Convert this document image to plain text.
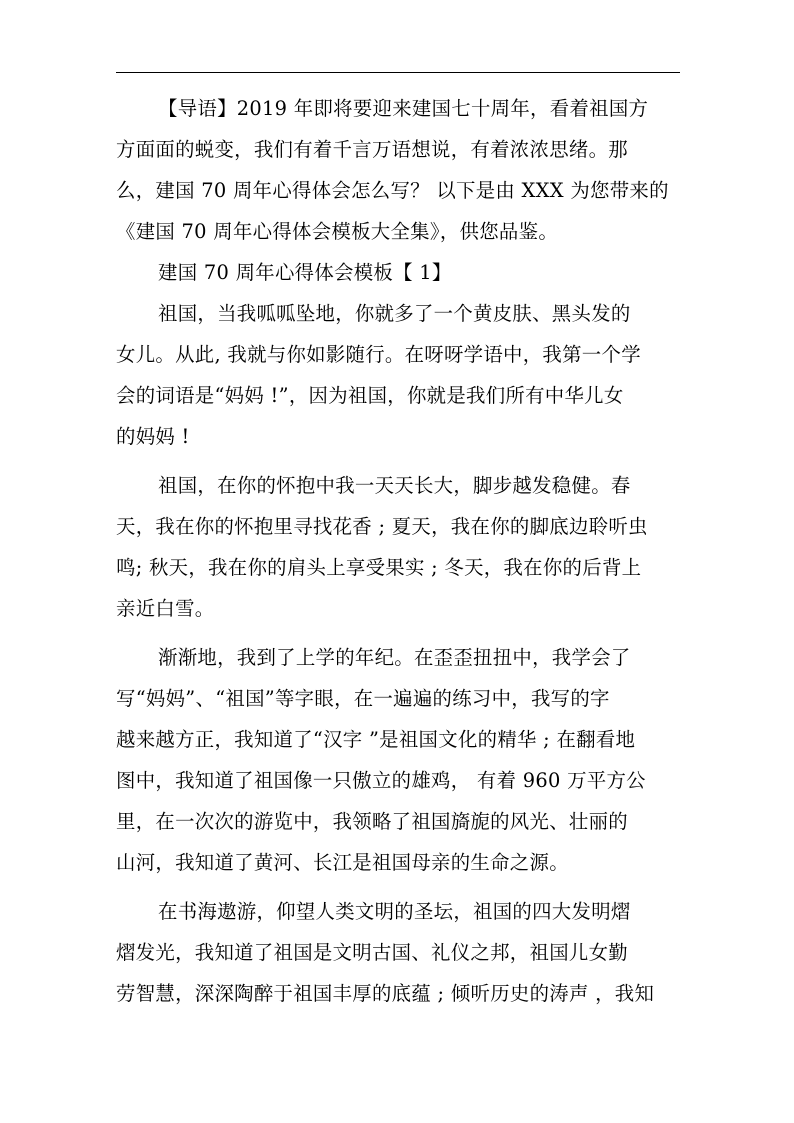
【导语】2019 年即将要迎来建国七十周年，看着祖国方
方面面的蜕变，我们有着千言万语想说，有着浓浓思绪。那
么，建国 70 周年心得体会怎么写？ 以下是由 XXX 为您带来的
《建国 70 周年心得体会模板大全集》，供您品鉴。
建国 70 周年心得体会模板【 1】
祖国，当我呱呱坠地，你就多了一个黄皮肤、黑头发的
女儿。从此, 我就与你如影随行。在呀呀学语中，我第一个学
会的词语是“妈妈 !”，因为祖国，你就是我们所有中华儿女
的妈妈 !
祖国，在你的怀抱中我一天天长大，脚步越发稳健。春
天，我在你的怀抱里寻找花香 ; 夏天，我在你的脚底边聆听虫
鸣; 秋天，我在你的肩头上享受果实 ; 冬天，我在你的后背上
亲近白雪。
渐渐地，我到了上学的年纪。在歪歪扭扭中，我学会了
写“妈妈”、“祖国”等字眼，在一遍遍的练习中，我写的字
越来越方正，我知道了“汉字 ”是祖国文化的精华 ; 在翻看地
图中，我知道了祖国像一只傲立的雄鸡， 有着 960 万平方公
里，在一次次的游览中，我领略了祖国旖旎的风光、壮丽的
山河，我知道了黄河、长江是祖国母亲的生命之源。
在书海遨游，仰望人类文明的圣坛，祖国的四大发明熠
熠发光，我知道了祖国是文明古国、礼仪之邦，祖国儿女勤
劳智慧，深深陶醉于祖国丰厚的底蕴 ; 倾听历史的涛声 ，我知
